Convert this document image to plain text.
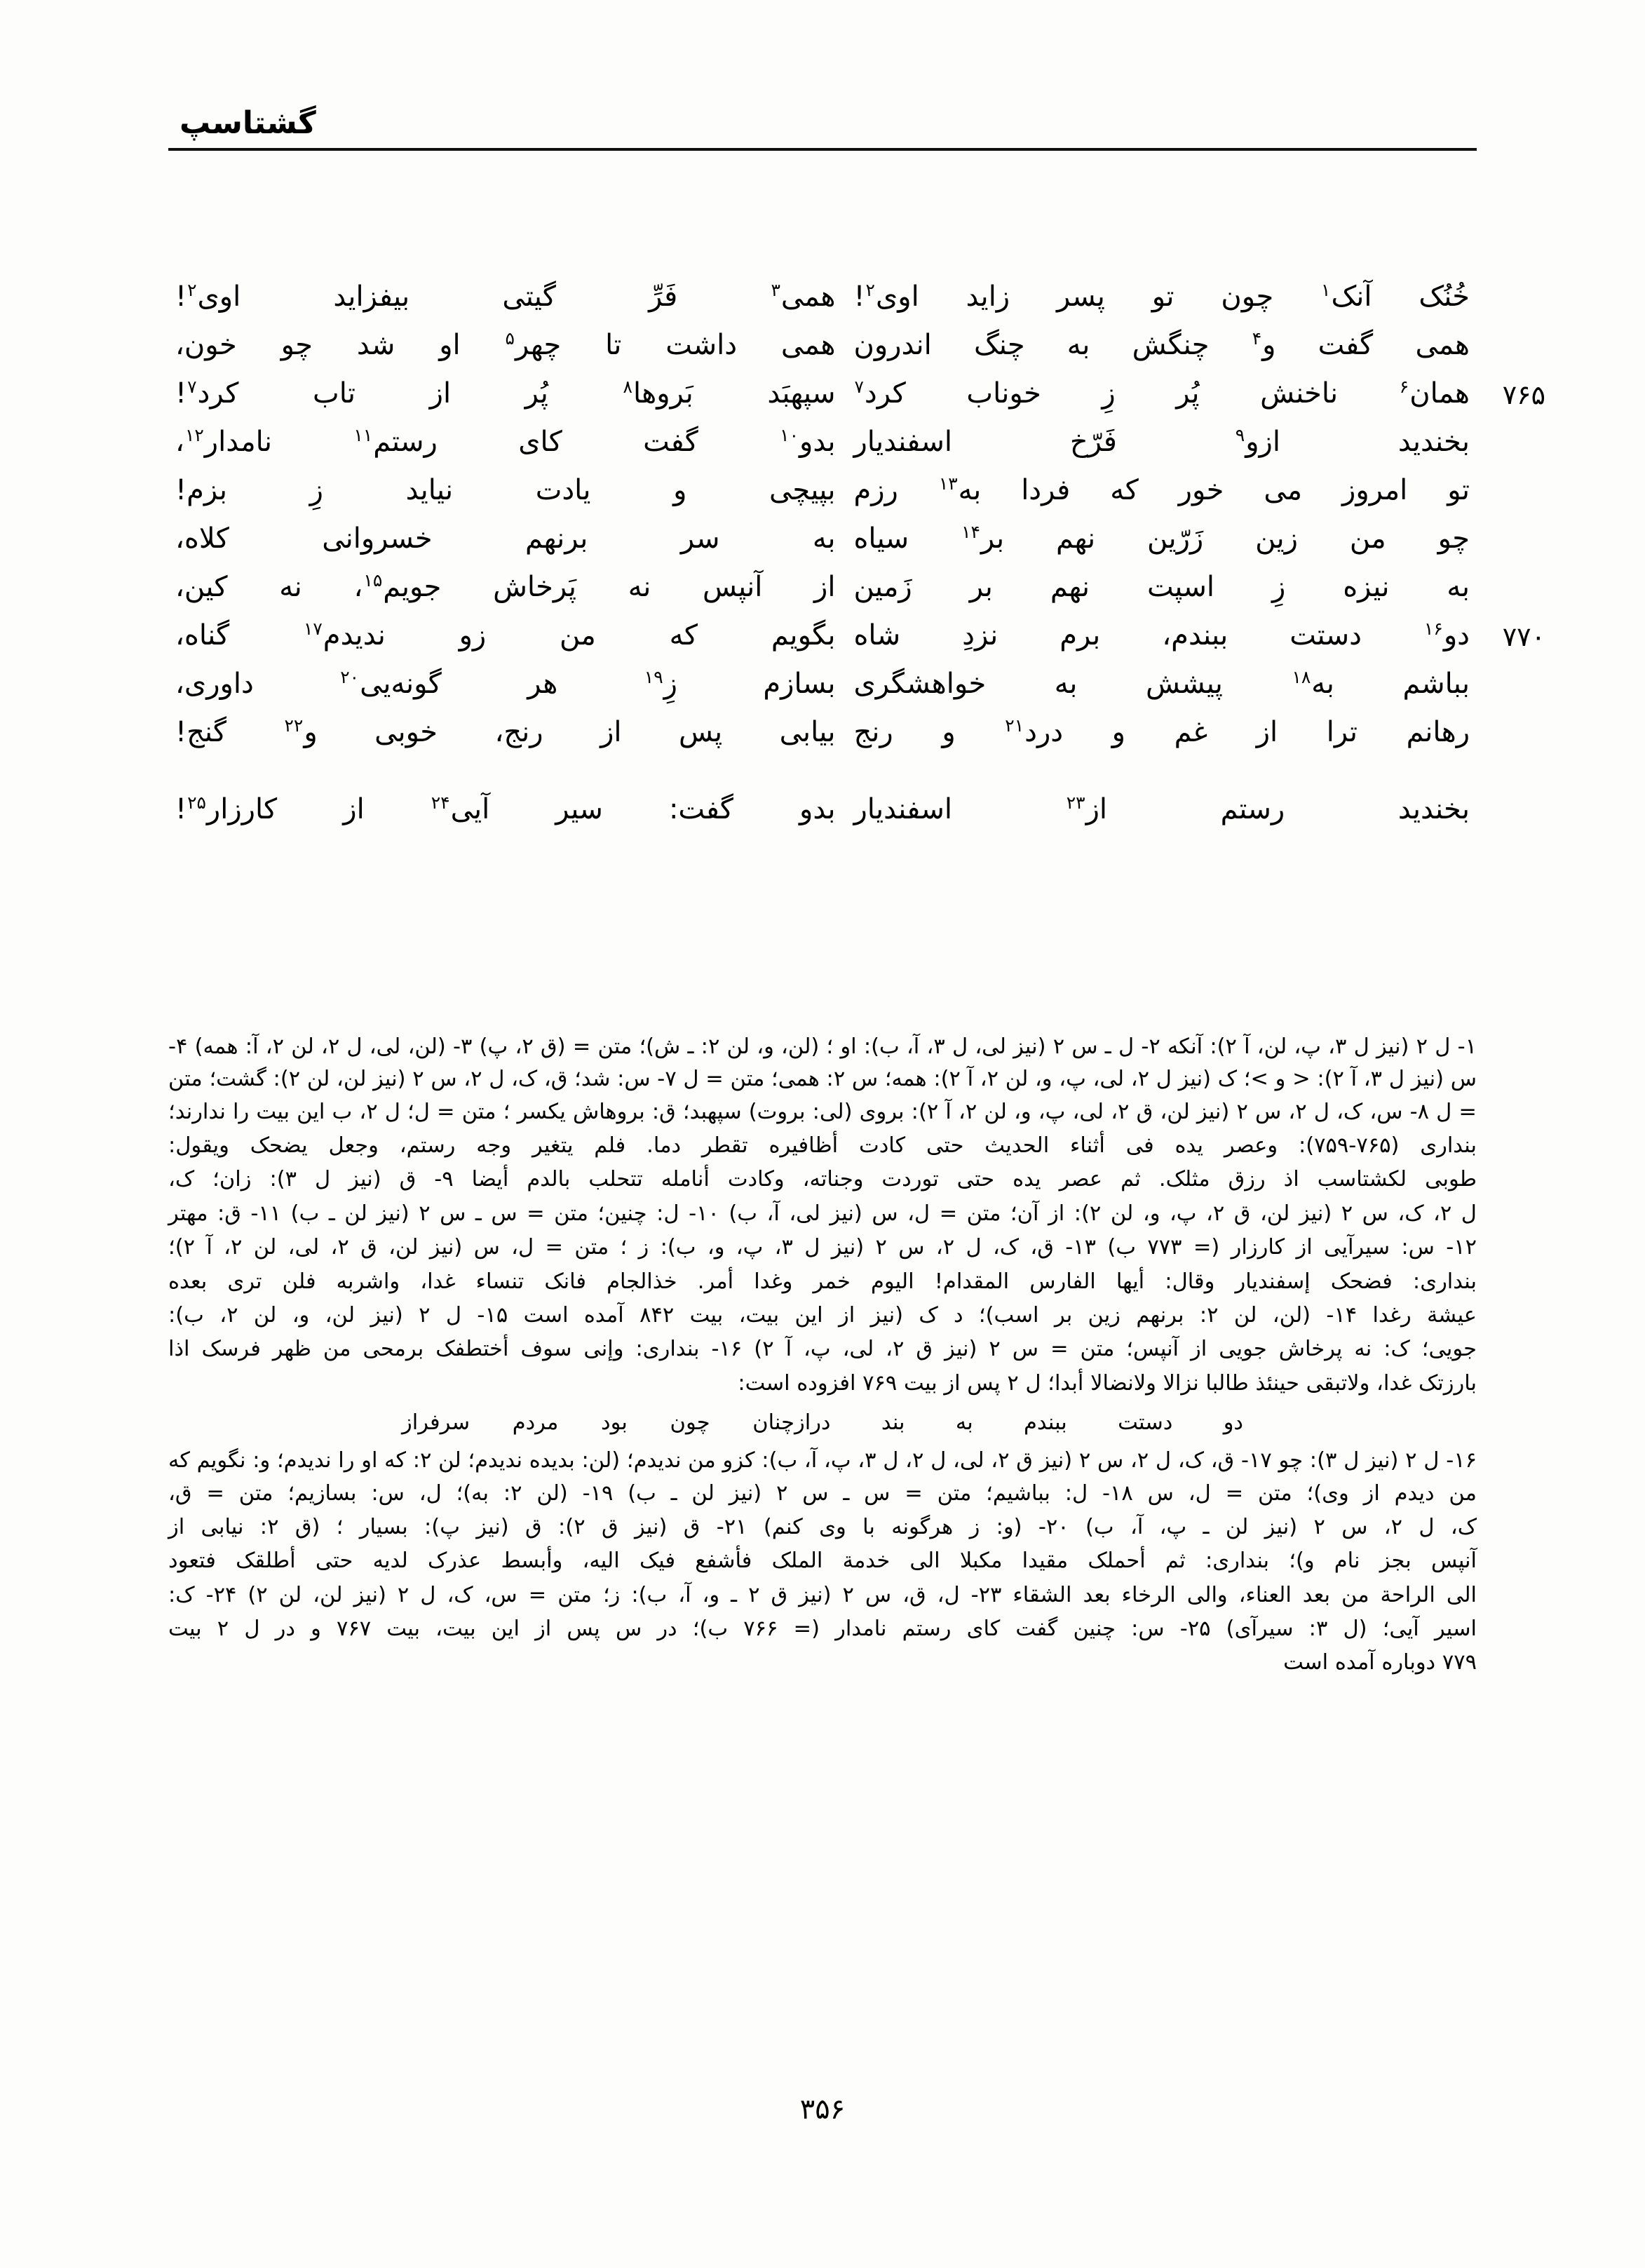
گشتاسپ
خُنُک آنک$^۱$ چون تو پسر زاید اوی$^۲$!
همی$^۳$ فَرِّ گیتی بیفزاید اوی$^۲$!
همی گفت و$^۴$ چنگش به چنگ اندرون
همی داشت تا چهر$^۵$ او شد چو خون،
۷۶۵
همان$^۶$ ناخنش پُر زِ خوناب کرد$^۷$
سپهبَد بَروها$^۸$ پُر از تاب کرد$^۷$!
بخندید ازو$^۹$ فَرّخ اسفندیار
بدو$^{۱۰}$ گفت کای رستم$^{۱۱}$ نامدار$^{۱۲}$،
تو امروز می خور که فردا به$^{۱۳}$ رزم
بپیچی و یادت نیاید زِ بزم!
چو من زین زَرّین نهم بر$^{۱۴}$ سیاه
به سر برنهم خسروانی کلاه،
به نیزه زِ اسپت نهم بر زَمین
از آنپس نه پَرخاش جویم$^{۱۵}$، نه کین،
۷۷۰
دو$^{۱۶}$ دستت ببندم، برم نزدِ شاه
بگویم که من زو ندیدم$^{۱۷}$ گناه،
بباشم به$^{۱۸}$ پیشش به خواهشگری
بسازم زِ$^{۱۹}$ هر گونه‌یی$^{۲۰}$ داوری،
رهانم ترا از غم و درد$^{۲۱}$ و رنج
بیابی پس از رنج، خوبی و$^{۲۲}$ گنج!
بخندید رستم از$^{۲۳}$ اسفندیار
بدو گفت: سیر آیی$^{۲۴}$ از کارزار$^{۲۵}$!

۱- ل ۲ (نیز ل ۳، پ، لن، آ ۲): آنکه ۲- ل ـ س ۲ (نیز لی، ل ۳، آ، ب): او ؛ (لن، و، لن ۲: ـ ش)؛ متن = (ق ۲، پ) ۳- (لن، لی، ل ۲، لن ۲، آ: همه) ۴- س (نیز ل ۳، آ ۲): < و >؛ ک (نیز ل ۲، لی، پ، و، لن ۲، آ ۲): همه؛ س ۲: همی؛ متن = ل ۷- س: شد؛ ق، ک، ل ۲، س ۲ (نیز لن، لن ۲): گشت؛ متن = ل ۸- س، ک، ل ۲، س ۲ (نیز لن، ق ۲، لی، پ، و، لن ۲، آ ۲): بروی (لی: بروت) سپهبد؛ ق: بروهاش یکسر ؛ متن = ل؛ ل ۲، ب این بیت را ندارند؛

بنداری (۷۶۵-۷۵۹): وعصر یده فی أثناء الحدیث حتی کادت أظافیره تقطر دما. فلم یتغیر وجه رستم، وجعل یضحک ویقول:

طوبی لکشتاسب اذ رزق مثلک. ثم عصر یده حتی توردت وجناته، وکادت أنامله تتحلب بالدم أیضا ۹- ق (نیز ل ۳): زان؛ ک،

ل ۲، ک، س ۲ (نیز لن، ق ۲، پ، و، لن ۲): از آن؛ متن = ل، س (نیز لی، آ، ب) ۱۰- ل: چنین؛ متن = س ـ س ۲ (نیز لن ـ ب) ۱۱- ق: مهتر

۱۲- س: سیرآیی از کارزار (= ۷۷۳ ب) ۱۳- ق، ک، ل ۲، س ۲ (نیز ل ۳، پ، و، ب): ز ؛ متن = ل، س (نیز لن، ق ۲، لی، لن ۲، آ ۲)؛

بنداری: فضحک إسفندیار وقال: أیها الفارس المقدام! الیوم خمر وغدا أمر. خذالجام فانک تنساء غدا، واشربه فلن تری بعده

عیشة رغدا ۱۴- (لن، لن ۲: برنهم زین بر اسب)؛ د ک (نیز از این بیت، بیت ۸۴۲ آمده است ۱۵- ل ۲ (نیز لن، و، لن ۲، ب):

جویی؛ ک: نه پرخاش جویی از آنپس؛ متن = س ۲ (نیز ق ۲، لی، پ، آ ۲) ۱۶- بنداری: وإنی سوف أختطفک برمحی من ظهر فرسک اذا

بارزتک غدا، ولاتبقی حینئذ طالبا نزالا ولانضالا أبدا؛ ل ۲ پس از بیت ۷۶۹ افزوده است:

دو دستت ببندم به بند درازچنان چون بود مردم سرفراز

۱۶- ل ۲ (نیز ل ۳): چو ۱۷- ق، ک، ل ۲، س ۲ (نیز ق ۲، لی، ل ۲، ل ۳، پ، آ، ب): کزو من ندیدم؛ (لن: بدیده ندیدم؛ لن ۲: که او را ندیدم؛ و: نگویم که من دیدم از وی)؛ متن = ل، س ۱۸- ل: بباشیم؛ متن = س ـ س ۲ (نیز لن ـ ب) ۱۹- (لن ۲: به)؛ ل، س: بسازیم؛ متن = ق،

ک، ل ۲، س ۲ (نیز لن ـ پ، آ، ب) ۲۰- (و: ز هرگونه با وی کنم) ۲۱- ق (نیز ق ۲): ق (نیز پ): بسیار ؛ (ق ۲: نیابی از

آنپس بجز نام و)؛ بنداری: ثم أحملک مقیدا مکبلا الی خدمة الملک فأشفع فیک الیه، وأبسط عذرک لدیه حتی أطلقک فتعود

الی الراحة من بعد العناء، والی الرخاء بعد الشقاء ۲۳- ل، ق، س ۲ (نیز ق ۲ ـ و، آ، ب): ز؛ متن = س، ک، ل ۲ (نیز لن، لن ۲) ۲۴- ک:

اسیر آیی؛ (ل ۳: سیرآی) ۲۵- س: چنین گفت کای رستم نامدار (= ۷۶۶ ب)؛ در س پس از این بیت، بیت ۷۶۷ و در ل ۲ بیت

۷۷۹ دوباره آمده است

۳۵۶
